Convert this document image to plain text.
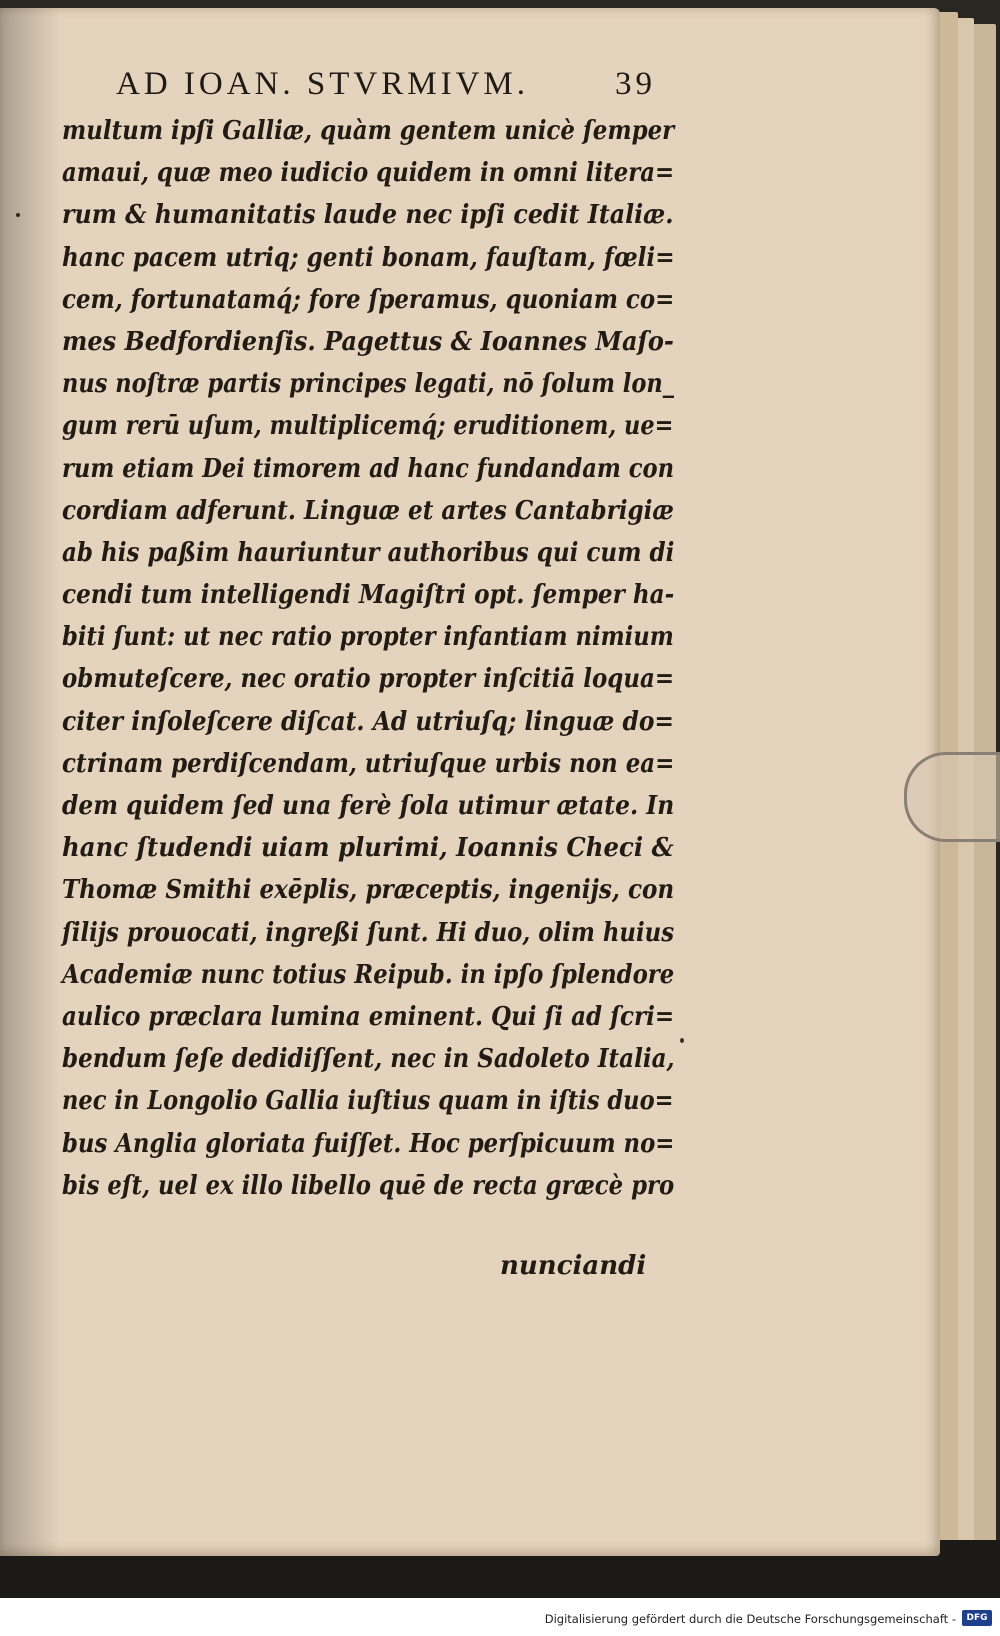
AD IOAN. STVRMIVM.	39
multum ipſi Galliæ, quàm gentem unicè ſemper
amaui, quæ meo iudicio quidem in omni litera=
rum & humanitatis laude nec ipſi cedit Italiæ.
hanc pacem utriq; genti bonam, fauſtam, fœli=
cem, fortunatamq́; fore ſperamus, quoniam co=
mes Bedfordienſis. Pagettus & Ioannes Maſo-
nus noſtræ partis principes legati, nō ſolum lon_
gum rerū uſum, multiplicemq́; eruditionem, ue=
rum etiam Dei timorem ad hanc fundandam con
cordiam adferunt. Linguæ et artes Cantabrigiæ
ab his paßim hauriuntur authoribus qui cum di
cendi tum intelligendi Magiſtri opt. ſemper ha-
biti ſunt: ut nec ratio propter infantiam nimium
obmuteſcere, nec oratio propter inſcitiā loqua=
citer inſoleſcere diſcat. Ad utriuſq; linguæ do=
ctrinam perdiſcendam, utriuſque urbis non ea=
dem quidem ſed una ferè ſola utimur ætate. In
hanc ſtudendi uiam plurimi, Ioannis Checi &
Thomæ Smithi exēplis, præceptis, ingenijs, con
ſilijs prouocati, ingreßi ſunt. Hi duo, olim huius
Academiæ nunc totius Reipub. in ipſo ſplendore
aulico præclara lumina eminent. Qui ſi ad ſcri=
bendum ſeſe dedidiſſent, nec in Sadoleto Italia,
nec in Longolio Gallia iuſtius quam in iſtis duo=
bus Anglia gloriata fuiſſet. Hoc perſpicuum no=
bis eſt, uel ex illo libello quē de recta græcè pro
nunciandi
Digitalisierung gefördert durch die Deutsche Forschungsgemeinschaft -	DFG
